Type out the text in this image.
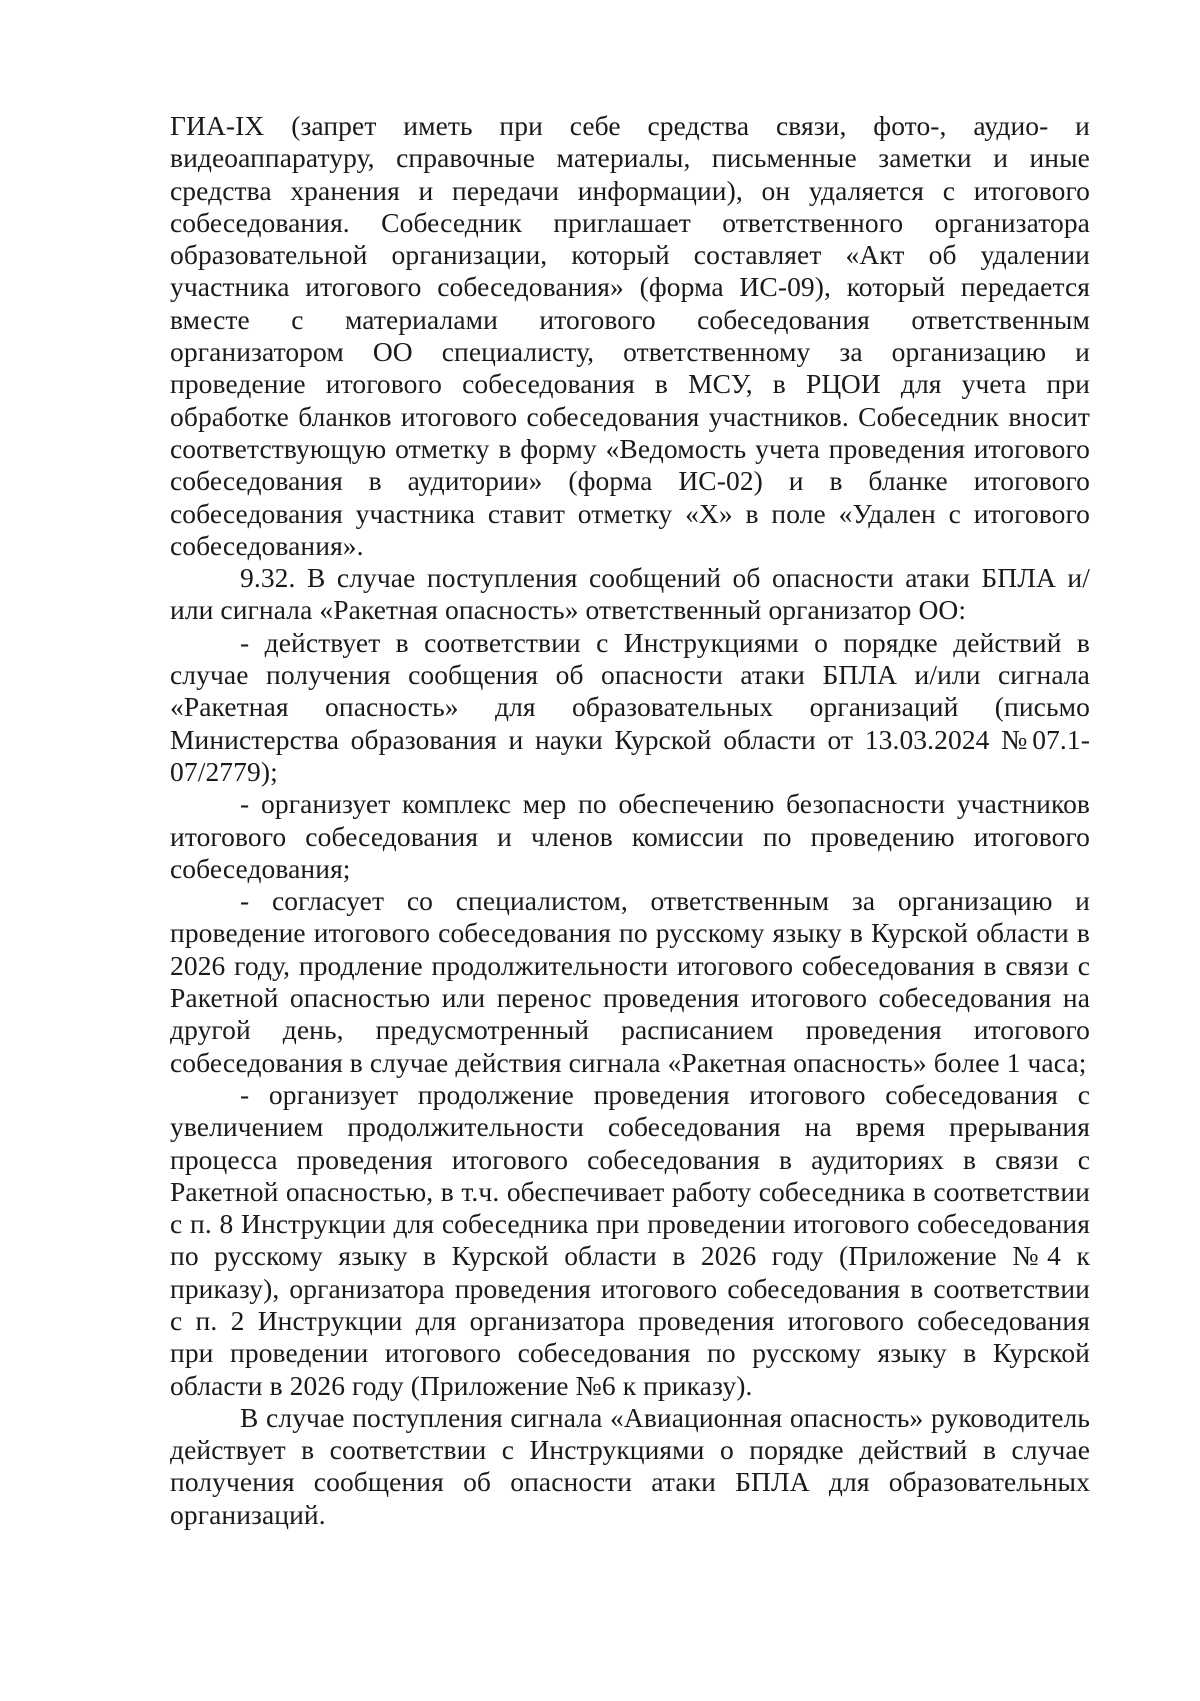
ГИА-IX (запрет иметь при себе средства связи, фото-, аудио- и видеоаппаратуру, справочные материалы, письменные заметки и иные средства хранения и передачи информации), он удаляется с итогового собеседования. Собеседник приглашает ответственного организатора образовательной организации, который составляет «Акт об удалении участника итогового собеседования» (форма ИС-09), который передается вместе с материалами итогового собеседования ответственным организатором ОО специалисту, ответственному за организацию и проведение итогового собеседования в МСУ, в РЦОИ для учета при обработке бланков итогового собеседования участников. Собеседник вносит соответствующую отметку в форму «Ведомость учета проведения итогового собеседования в аудитории» (форма ИС-02) и в бланке итогового собеседования участника ставит отметку «Х» в поле «Удален с итогового собеседования».

9.32. В случае поступления сообщений об опасности атаки БПЛА и/или сигнала «Ракетная опасность» ответственный организатор ОО:

- действует в соответствии с Инструкциями о порядке действий в случае получения сообщения об опасности атаки БПЛА и/или сигнала «Ракетная опасность» для образовательных организаций (письмо Министерства образования и науки Курской области от 13.03.2024 №07.1-07/2779);

- организует комплекс мер по обеспечению безопасности участников итогового собеседования и членов комиссии по проведению итогового собеседования;

- согласует со специалистом, ответственным за организацию и проведение итогового собеседования по русскому языку в Курской области в 2026 году, продление продолжительности итогового собеседования в связи с Ракетной опасностью или перенос проведения итогового собеседования на другой день, предусмотренный расписанием проведения итогового собеседования в случае действия сигнала «Ракетная опасность» более 1 часа;

- организует продолжение проведения итогового собеседования с увеличением продолжительности собеседования на время прерывания процесса проведения итогового собеседования в аудиториях в связи с Ракетной опасностью, в т.ч. обеспечивает работу собеседника в соответствии с п. 8 Инструкции для собеседника при проведении итогового собеседования по русскому языку в Курской области в 2026 году (Приложение №4 к приказу), организатора проведения итогового собеседования в соответствии с п. 2 Инструкции для организатора проведения итогового собеседования при проведении итогового собеседования по русскому языку в Курской области в 2026 году (Приложение №6 к приказу).

В случае поступления сигнала «Авиационная опасность» руководитель действует в соответствии с Инструкциями о порядке действий в случае получения сообщения об опасности атаки БПЛА для образовательных организаций.
